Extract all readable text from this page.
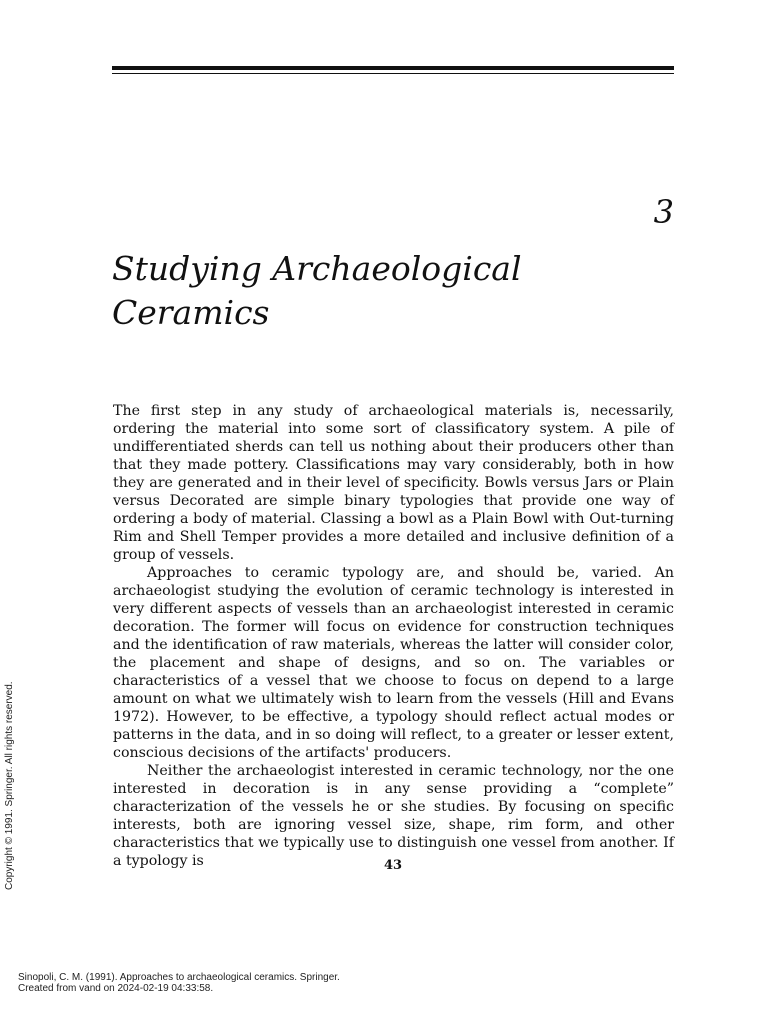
3
Studying Archaeological
Ceramics

The first step in any study of archaeological materials is, necessarily, ordering the material into some sort of classificatory system. A pile of undifferentiated sherds can tell us nothing about their producers other than that they made pottery. Classifications may vary considerably, both in how they are generated and in their level of specificity. Bowls versus Jars or Plain versus Decorated are simple binary typologies that provide one way of ordering a body of material. Classing a bowl as a Plain Bowl with Out-turning Rim and Shell Temper provides a more detailed and inclusive definition of a group of vessels.

Approaches to ceramic typology are, and should be, varied. An archaeologist studying the evolution of ceramic technology is interested in very different aspects of vessels than an archaeologist interested in ceramic decoration. The former will focus on evidence for construction techniques and the identification of raw materials, whereas the latter will consider color, the placement and shape of designs, and so on. The variables or characteristics of a vessel that we choose to focus on depend to a large amount on what we ultimately wish to learn from the vessels (Hill and Evans 1972). However, to be effective, a typology should reflect actual modes or patterns in the data, and in so doing will reflect, to a greater or lesser extent, conscious decisions of the artifacts' producers.

Neither the archaeologist interested in ceramic technology, nor the one interested in decoration is in any sense providing a “complete” characterization of the vessels he or she studies. By focusing on specific interests, both are ignoring vessel size, shape, rim form, and other characteristics that we typically use to distinguish one vessel from another. If a typology is	43
Copyright © 1991. Springer. All rights reserved.
Sinopoli, C. M. (1991). Approaches to archaeological ceramics. Springer.
Created from vand on 2024-02-19 04:33:58.
